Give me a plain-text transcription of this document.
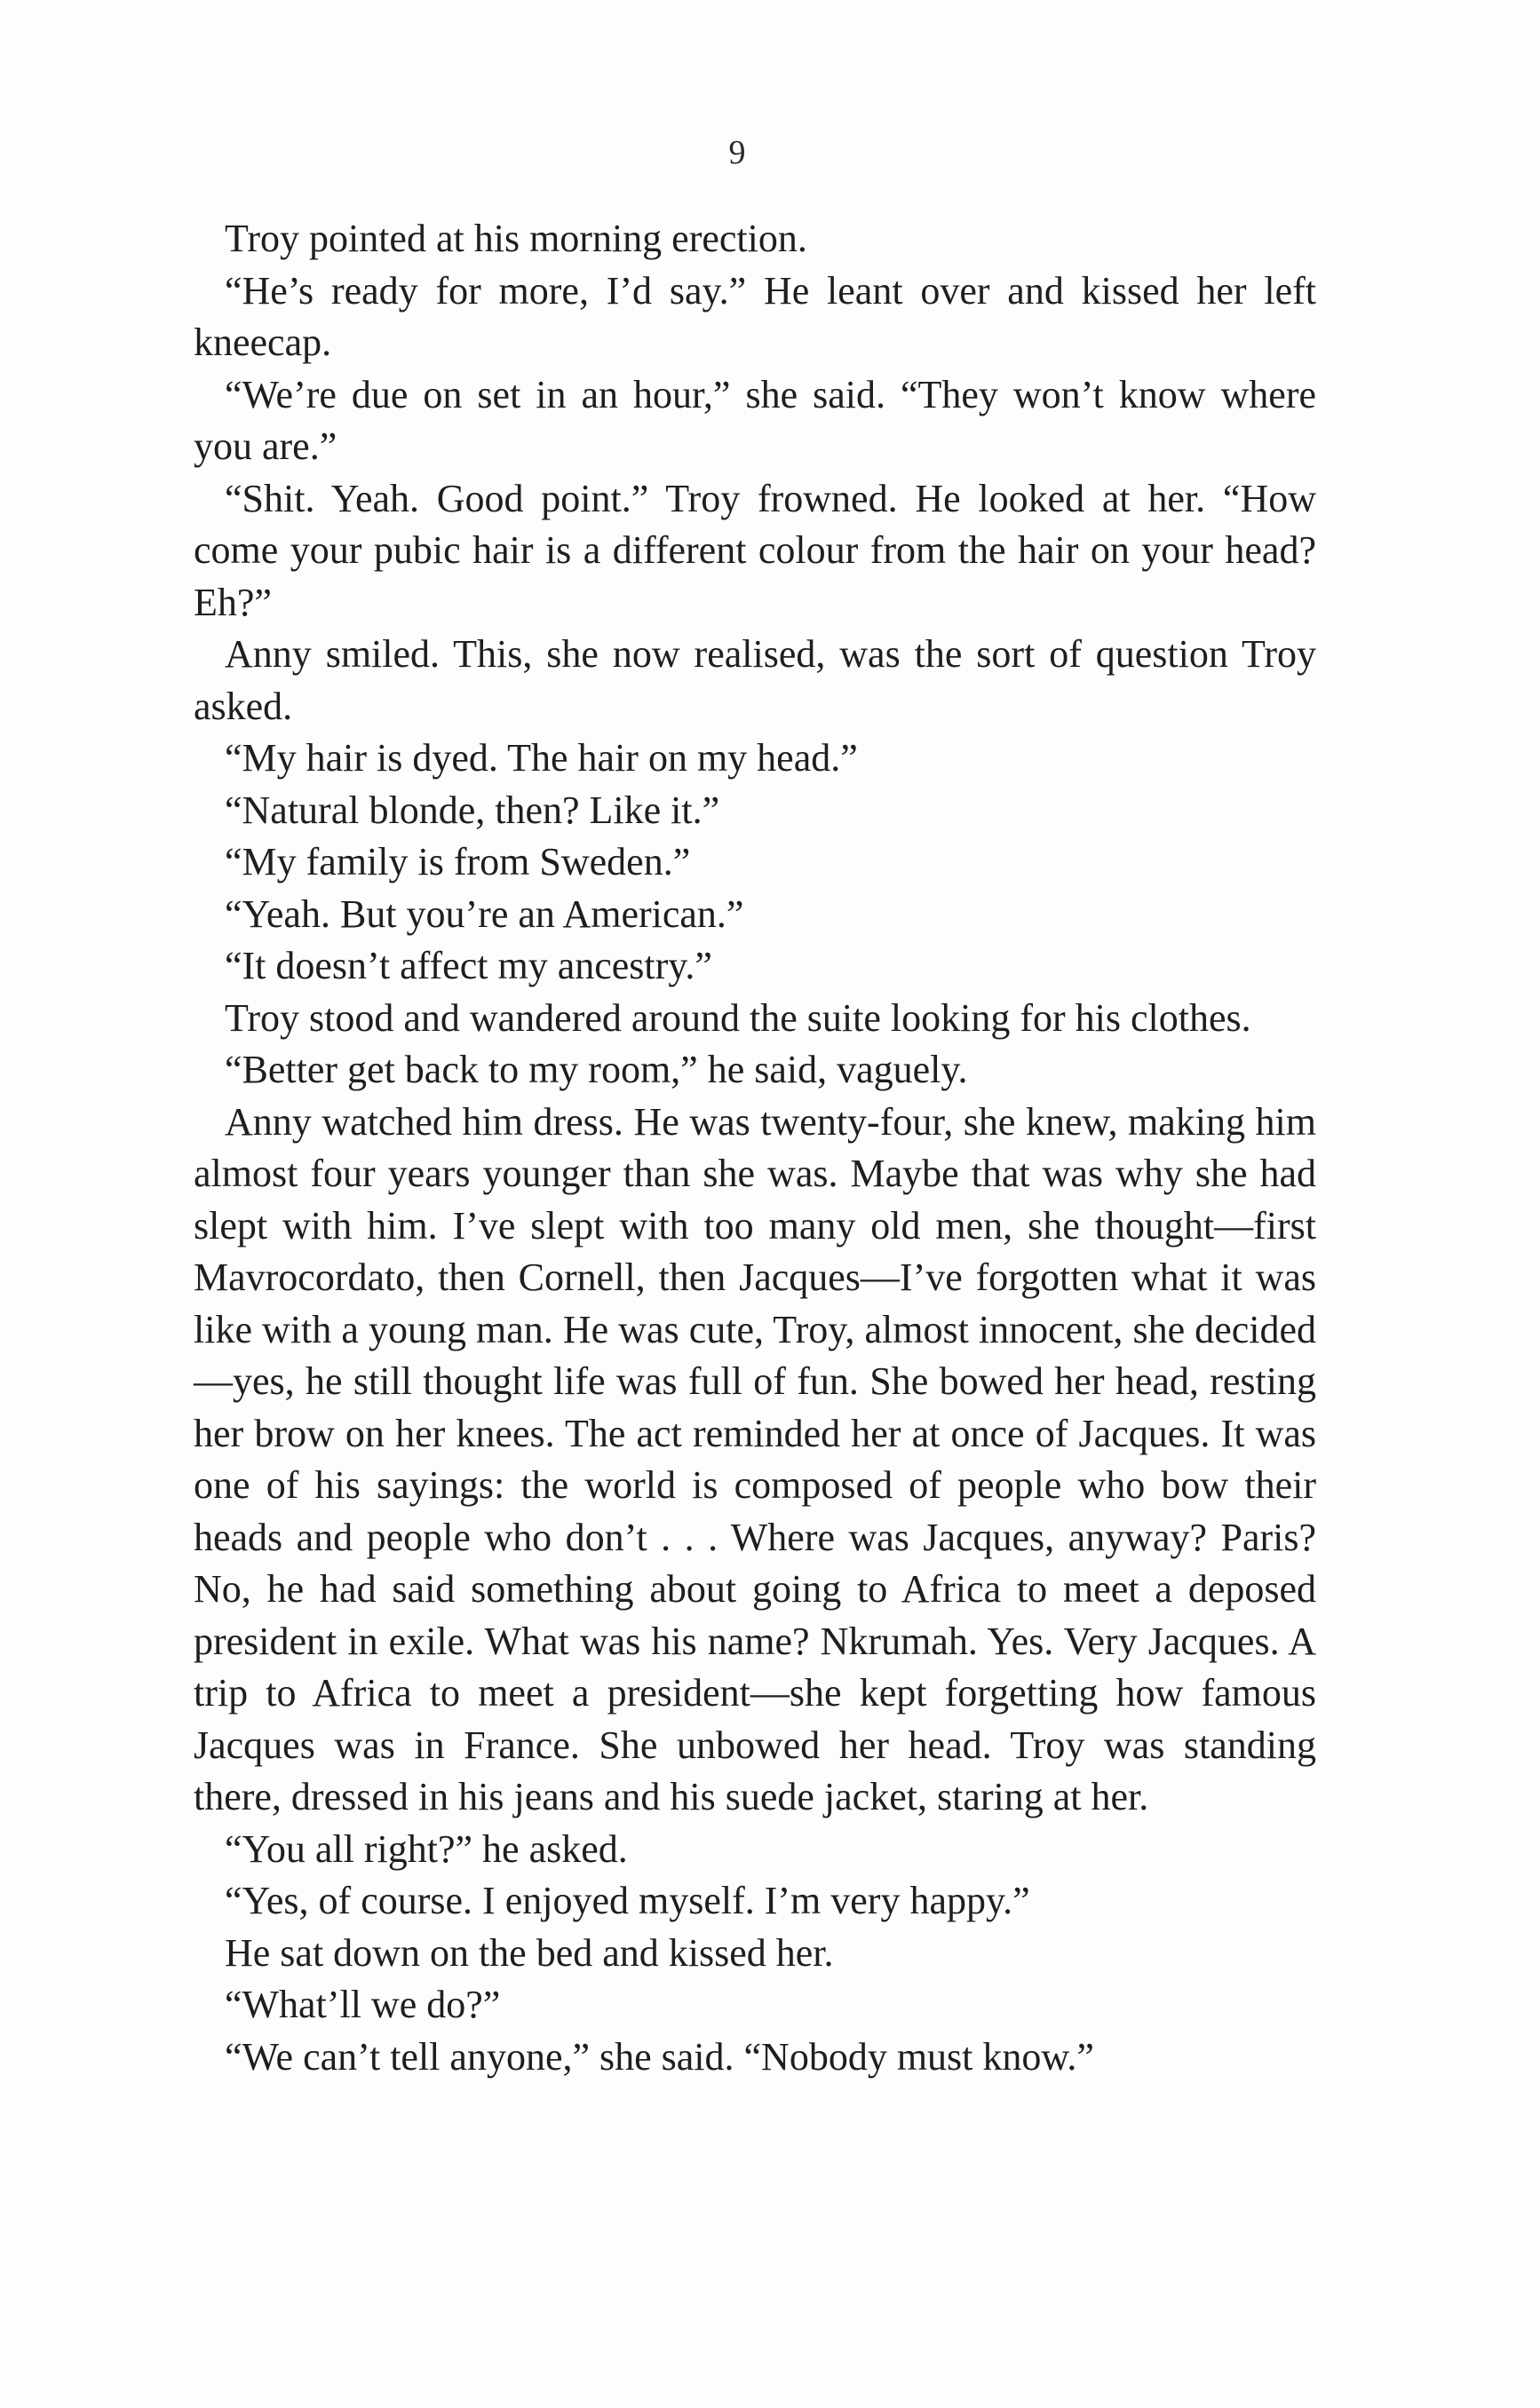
9

Troy pointed at his morning erection.

“He’s ready for more, I’d say.” He leant over and kissed her left kneecap.

“We’re due on set in an hour,” she said. “They won’t know where you are.”

“Shit. Yeah. Good point.” Troy frowned. He looked at her. “How come your pubic hair is a different colour from the hair on your head? Eh?”

Anny smiled. This, she now realised, was the sort of question Troy asked.

“My hair is dyed. The hair on my head.”

“Natural blonde, then? Like it.”

“My family is from Sweden.”

“Yeah. But you’re an American.”

“It doesn’t affect my ancestry.”

Troy stood and wandered around the suite looking for his clothes.

“Better get back to my room,” he said, vaguely.

Anny watched him dress. He was twenty-four, she knew, making him almost four years younger than she was. Maybe that was why she had slept with him. I’ve slept with too many old men, she thought—first Mavrocordato, then Cornell, then Jacques—I’ve forgotten what it was like with a young man. He was cute, Troy, almost innocent, she decided—yes, he still thought life was full of fun. She bowed her head, resting her brow on her knees. The act reminded her at once of Jacques. It was one of his sayings: the world is composed of people who bow their heads and people who don’t . . . Where was Jacques, anyway? Paris? No, he had said something about going to Africa to meet a deposed president in exile. What was his name? Nkrumah. Yes. Very Jacques. A trip to Africa to meet a president—she kept forgetting how famous Jacques was in France. She unbowed her head. Troy was standing there, dressed in his jeans and his suede jacket, staring at her.

“You all right?” he asked.

“Yes, of course. I enjoyed myself. I’m very happy.”

He sat down on the bed and kissed her.

“What’ll we do?”

“We can’t tell anyone,” she said. “Nobody must know.”
